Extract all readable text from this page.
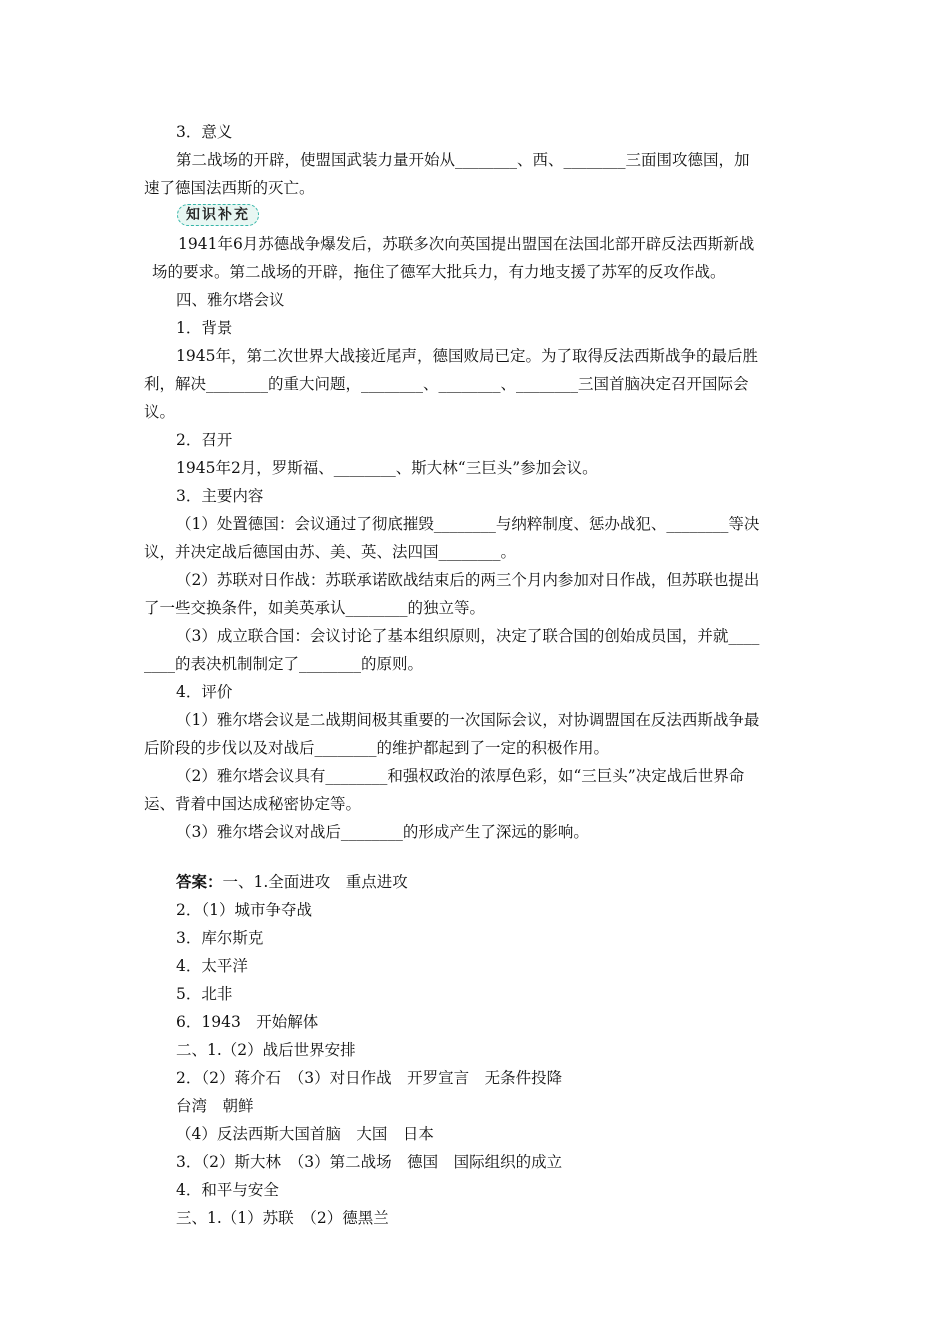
3．意义
第二战场的开辟，使盟国武装力量开始从________、西、________三面围攻德国，加
速了德国法西斯的灭亡。
知识补充
1941年6月苏德战争爆发后，苏联多次向英国提出盟国在法国北部开辟反法西斯新战
场的要求。第二战场的开辟，拖住了德军大批兵力，有力地支援了苏军的反攻作战。
四、雅尔塔会议
1．背景
1945年，第二次世界大战接近尾声，德国败局已定。为了取得反法西斯战争的最后胜
利，解决________的重大问题，________、________、________三国首脑决定召开国际会
议。
2．召开
1945年2月，罗斯福、________、斯大林“三巨头”参加会议。
3．主要内容
（1）处置德国：会议通过了彻底摧毁________与纳粹制度、惩办战犯、________等决
议，并决定战后德国由苏、美、英、法四国________。
（2）苏联对日作战：苏联承诺欧战结束后的两三个月内参加对日作战，但苏联也提出
了一些交换条件，如美英承认________的独立等。
（3）成立联合国：会议讨论了基本组织原则，决定了联合国的创始成员国，并就____
____的表决机制制定了________的原则。
4．评价
（1）雅尔塔会议是二战期间极其重要的一次国际会议，对协调盟国在反法西斯战争最
后阶段的步伐以及对战后________的维护都起到了一定的积极作用。
（2）雅尔塔会议具有________和强权政治的浓厚色彩，如“三巨头”决定战后世界命
运、背着中国达成秘密协定等。
（3）雅尔塔会议对战后________的形成产生了深远的影响。
答案：一、1.全面进攻　重点进攻
2．（1）城市争夺战
3．库尔斯克
4．太平洋
5．北非
6．1943　开始解体
二、1.（2）战后世界安排
2．（2）蒋介石　（3）对日作战　开罗宣言　无条件投降
台湾　朝鲜
（4）反法西斯大国首脑　大国　日本
3．（2）斯大林　（3）第二战场　德国　国际组织的成立
4．和平与安全
三、1.（1）苏联　（2）德黑兰
